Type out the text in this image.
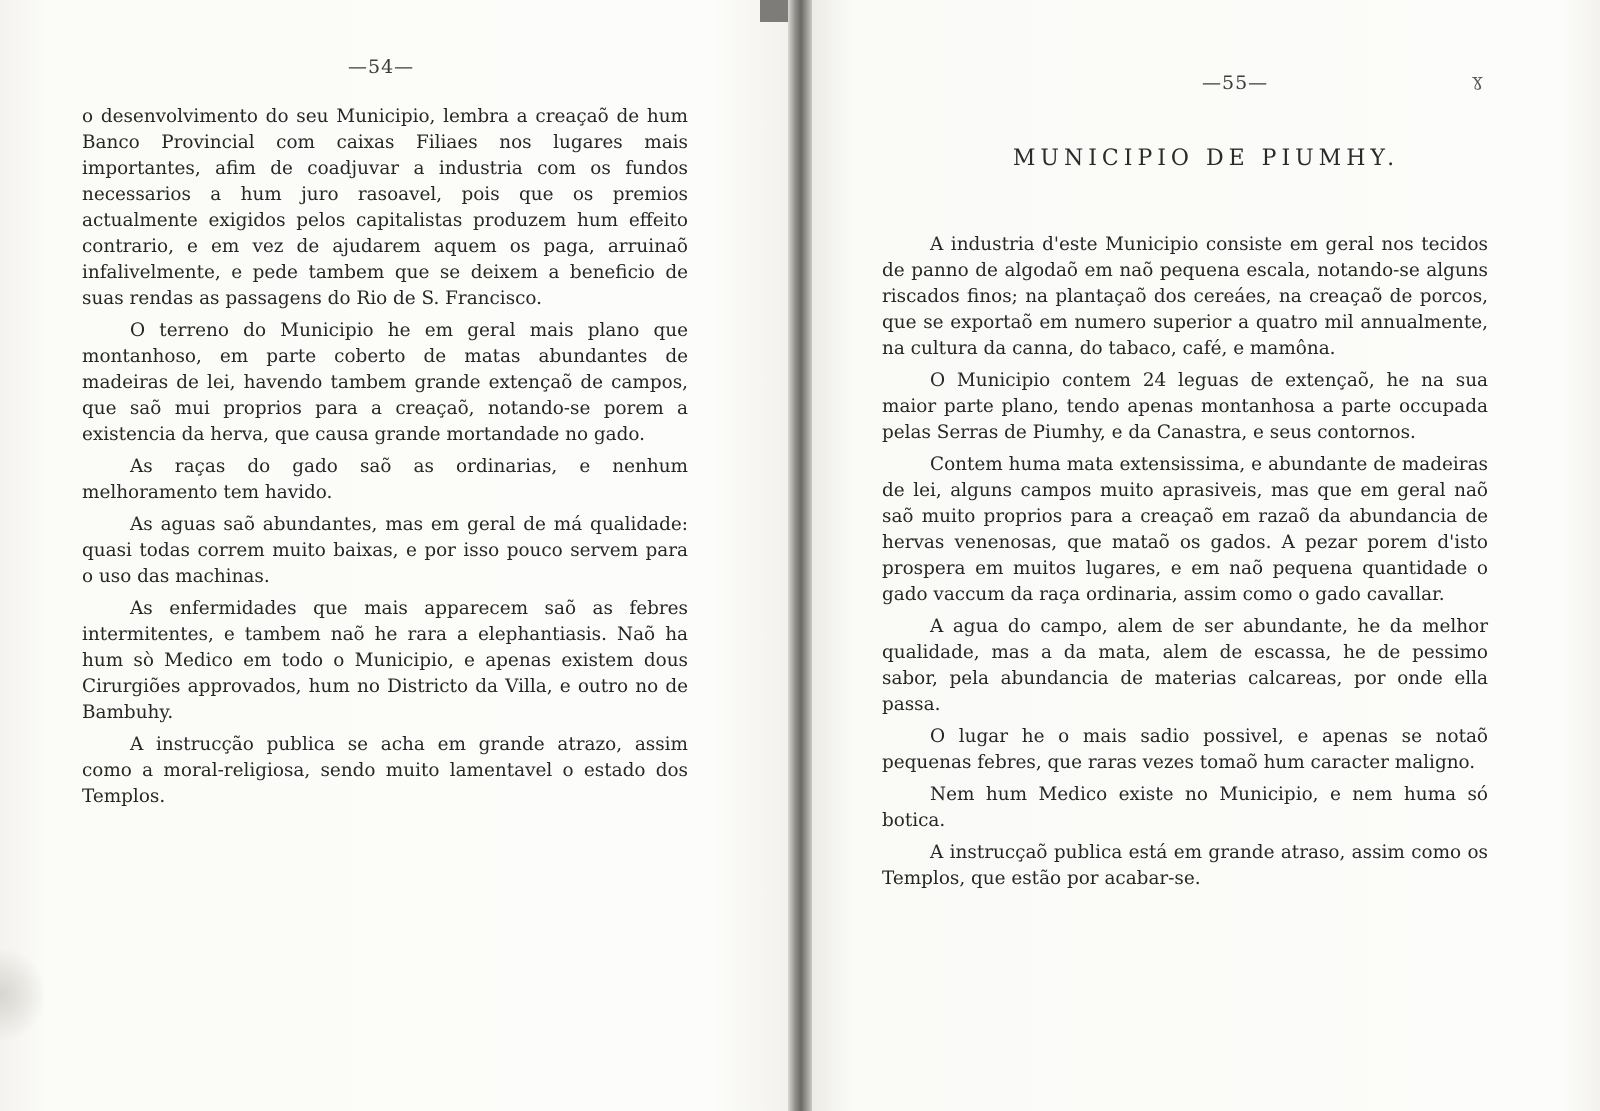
—54—

o desenvolvimento do seu Municipio, lembra a creaçaõ de hum Banco Provincial com caixas Filiaes nos lugares mais importantes, afim de coadjuvar a industria com os fundos necessarios a hum juro rasoavel, pois que os premios actualmente exigidos pelos capitalistas produzem hum effeito contrario, e em vez de ajudarem aquem os paga, arruinaõ infalivelmente, e pede tambem que se deixem a beneficio de suas rendas as passagens do Rio de S. Francisco.

O terreno do Municipio he em geral mais plano que montanhoso, em parte coberto de matas abundantes de madeiras de lei, havendo tambem grande extençaõ de campos, que saõ mui proprios para a creaçaõ, notando-se porem a existencia da herva, que causa grande mortandade no gado.

As raças do gado saõ as ordinarias, e nenhum melhoramento tem havido.

As aguas saõ abundantes, mas em geral de má qualidade: quasi todas correm muito baixas, e por isso pouco servem para o uso das machinas.

As enfermidades que mais apparecem saõ as febres intermitentes, e tambem naõ he rara a elephantiasis. Naõ ha hum sò Medico em todo o Municipio, e apenas existem dous Cirurgiões approvados, hum no Districto da Villa, e outro no de Bambuhy.

A instrucção publica se acha em grande atrazo, assim como a moral-religiosa, sendo muito lamentavel o estado dos Templos.

—55—	ɣ
MUNICIPIO DE PIUMHY.

A industria d'este Municipio consiste em geral nos tecidos de panno de algodaõ em naõ pequena escala, notando-se alguns riscados finos; na plantaçaõ dos cereáes, na creaçaõ de porcos, que se exportaõ em numero superior a quatro mil annualmente, na cultura da canna, do tabaco, café, e mamôna.

O Municipio contem 24 leguas de extençaõ, he na sua maior parte plano, tendo apenas montanhosa a parte occupada pelas Serras de Piumhy, e da Canastra, e seus contornos.

Contem huma mata extensissima, e abundante de madeiras de lei, alguns campos muito aprasiveis, mas que em geral naõ saõ muito proprios para a creaçaõ em razaõ da abundancia de hervas venenosas, que mataõ os gados. A pezar porem d'isto prospera em muitos lugares, e em naõ pequena quantidade o gado vaccum da raça ordinaria, assim como o gado cavallar.

A agua do campo, alem de ser abundante, he da melhor qualidade, mas a da mata, alem de escassa, he de pessimo sabor, pela abundancia de materias calcareas, por onde ella passa.

O lugar he o mais sadio possivel, e apenas se notaõ pequenas febres, que raras vezes tomaõ hum caracter maligno.

Nem hum Medico existe no Municipio, e nem huma só botica.

A instrucçaõ publica está em grande atraso, assim como os Templos, que estão por acabar-se.
